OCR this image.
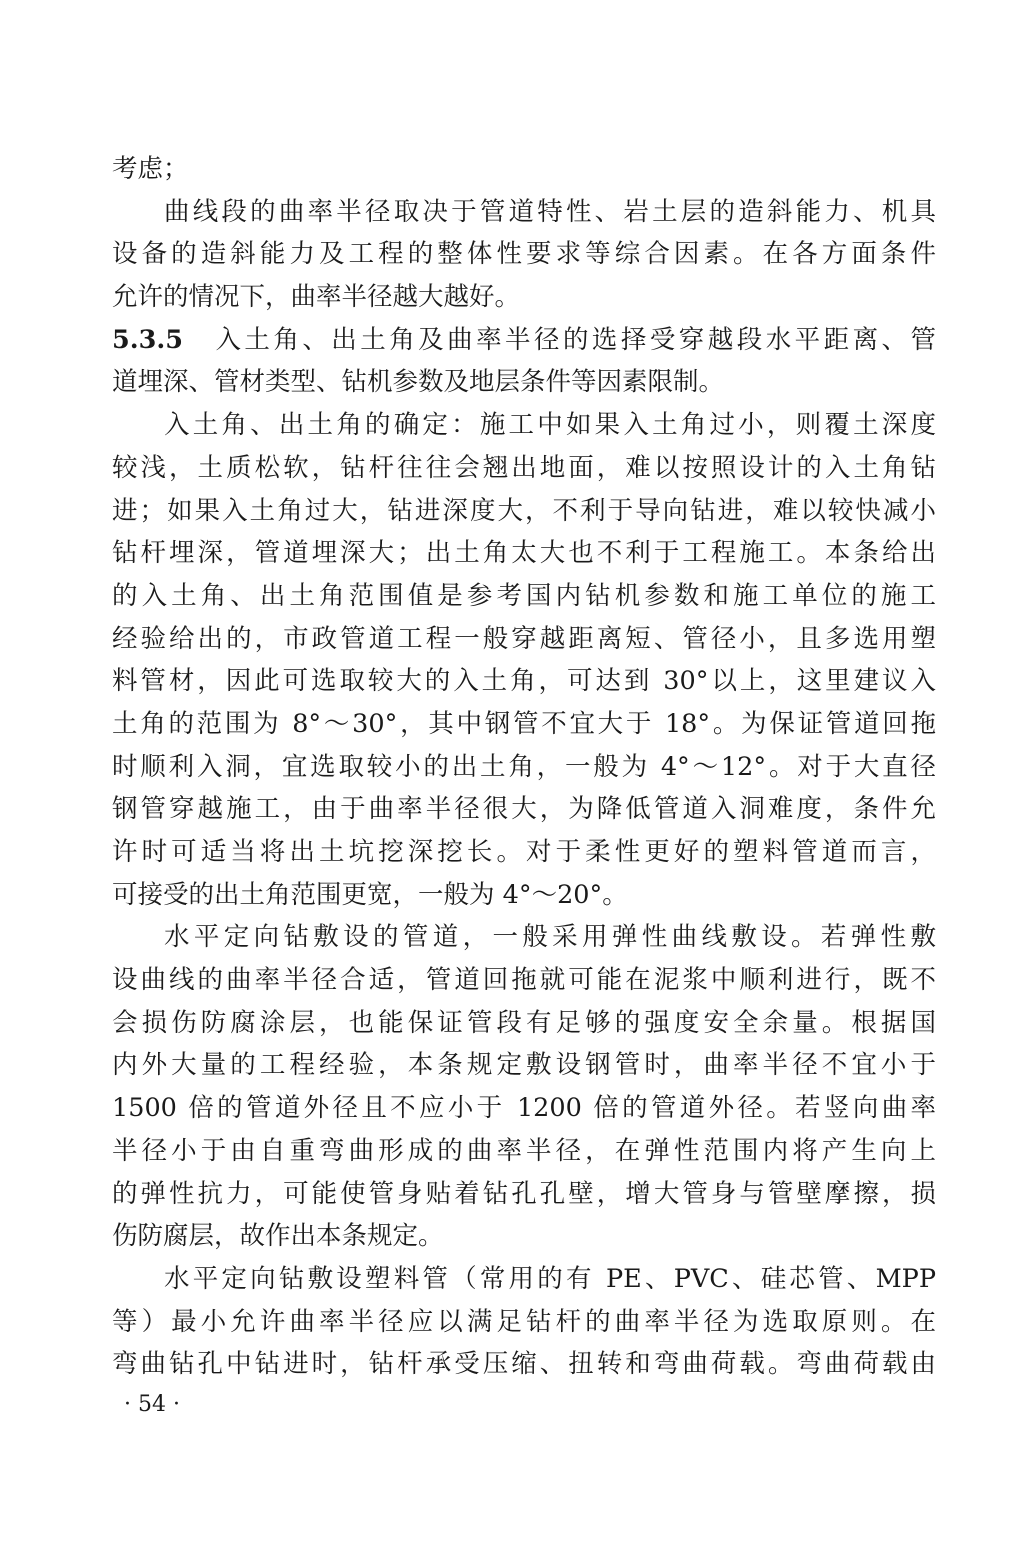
考虑；
曲线段的曲率半径取决于管道特性、岩土层的造斜能力、机具
设备的造斜能力及工程的整体性要求等综合因素。在各方面条件
允许的情况下，曲率半径越大越好。
5.3.5 入土角、出土角及曲率半径的选择受穿越段水平距离、管
道埋深、管材类型、钻机参数及地层条件等因素限制。
入土角、出土角的确定：施工中如果入土角过小，则覆土深度
较浅，土质松软，钻杆往往会翘出地面，难以按照设计的入土角钻
进；如果入土角过大，钻进深度大，不利于导向钻进，难以较快减小
钻杆埋深，管道埋深大；出土角太大也不利于工程施工。本条给出
的入土角、出土角范围值是参考国内钻机参数和施工单位的施工
经验给出的，市政管道工程一般穿越距离短、管径小，且多选用塑
料管材，因此可选取较大的入土角，可达到 30°以上，这里建议入
土角的范围为 8°～30°，其中钢管不宜大于 18°。为保证管道回拖
时顺利入洞，宜选取较小的出土角，一般为 4°～12°。对于大直径
钢管穿越施工，由于曲率半径很大，为降低管道入洞难度，条件允
许时可适当将出土坑挖深挖长。对于柔性更好的塑料管道而言，
可接受的出土角范围更宽，一般为 4°～20°。
水平定向钻敷设的管道，一般采用弹性曲线敷设。若弹性敷
设曲线的曲率半径合适，管道回拖就可能在泥浆中顺利进行，既不
会损伤防腐涂层，也能保证管段有足够的强度安全余量。根据国
内外大量的工程经验，本条规定敷设钢管时，曲率半径不宜小于
1500 倍的管道外径且不应小于 1200 倍的管道外径。若竖向曲率
半径小于由自重弯曲形成的曲率半径，在弹性范围内将产生向上
的弹性抗力，可能使管身贴着钻孔孔壁，增大管身与管壁摩擦，损
伤防腐层，故作出本条规定。
水平定向钻敷设塑料管（常用的有 PE、PVC、硅芯管、MPP
等）最小允许曲率半径应以满足钻杆的曲率半径为选取原则。在
弯曲钻孔中钻进时，钻杆承受压缩、扭转和弯曲荷载。弯曲荷载由
· 54 ·
